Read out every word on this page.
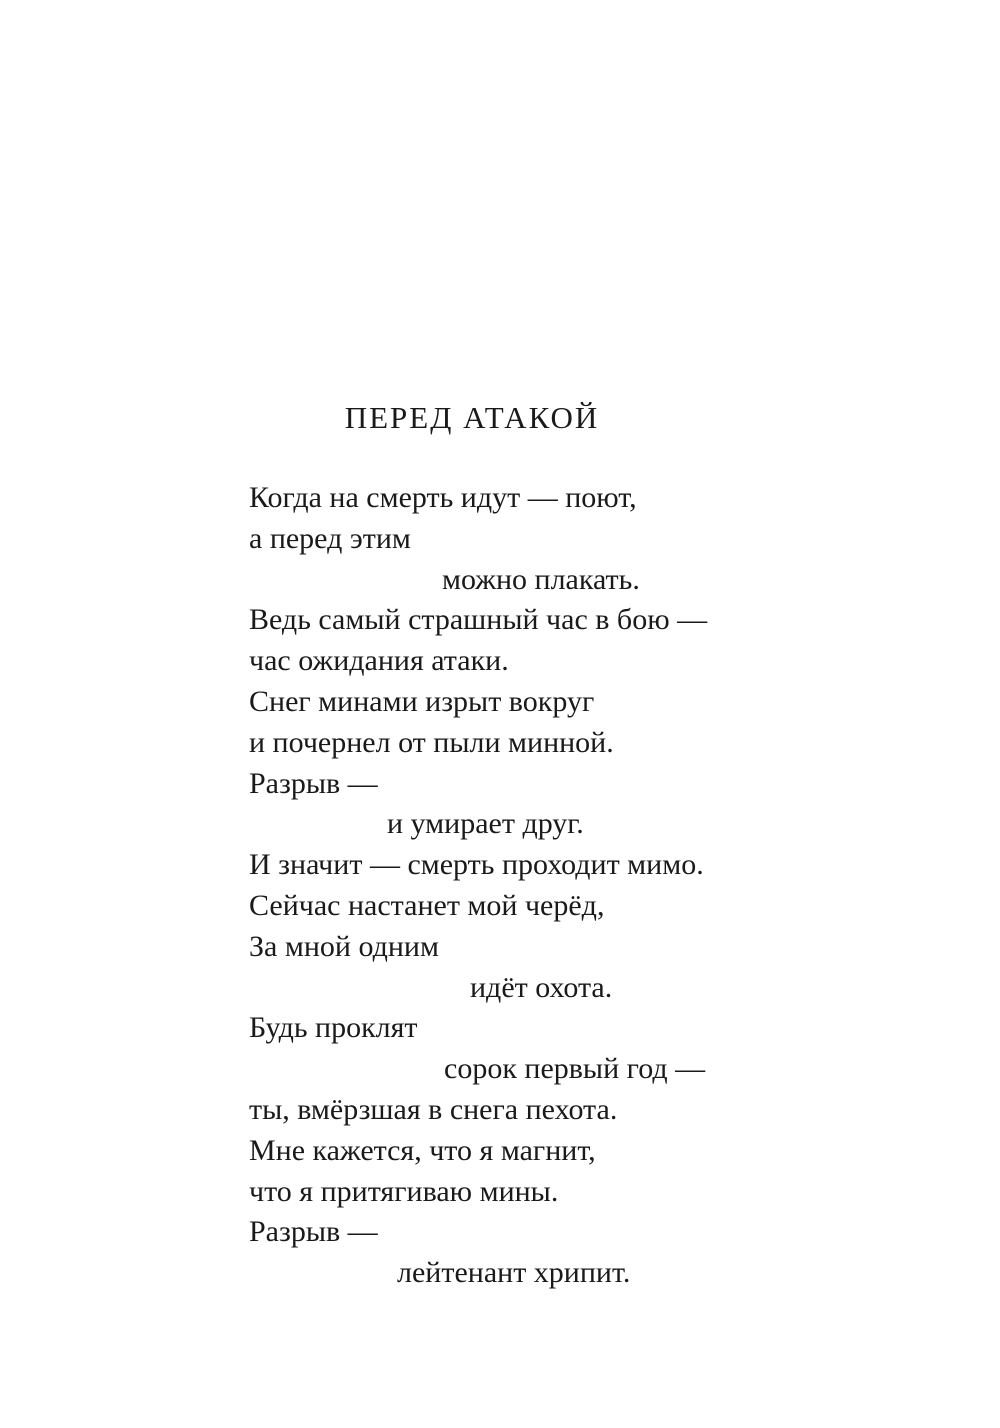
ПЕРЕД АТАКОЙ
Когда на смерть идут — поют,
а перед этим
можно плакать.
Ведь самый страшный час в бою —
час ожидания атаки.
Снег минами изрыт вокруг
и почернел от пыли минной.
Разрыв —
и умирает друг.
И значит — смерть проходит мимо.
Сейчас настанет мой черёд,
За мной одним
идёт охота.
Будь проклят
сорок первый год —
ты, вмёрзшая в снега пехота.
Мне кажется, что я магнит,
что я притягиваю мины.
Разрыв —
лейтенант хрипит.
